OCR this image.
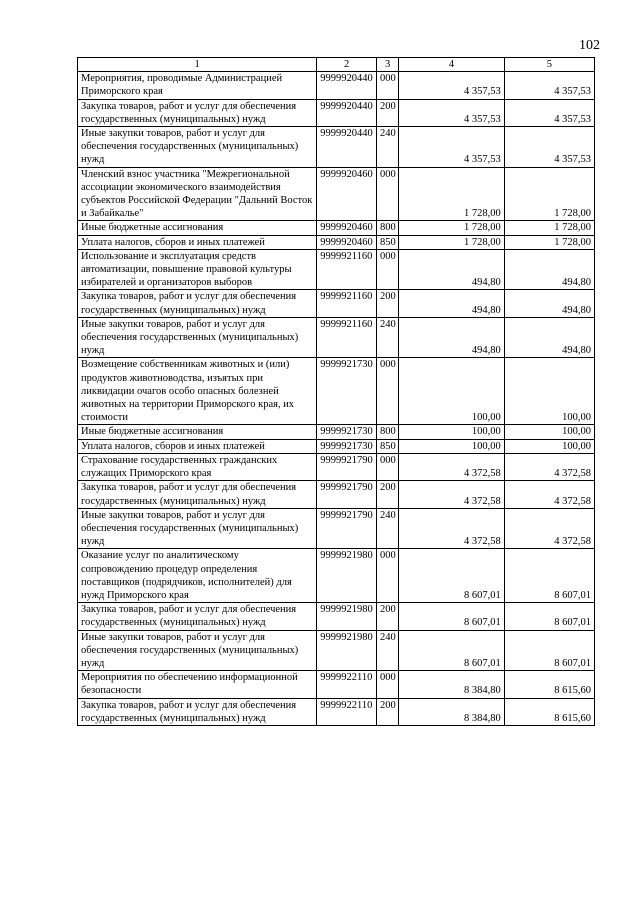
102
1	2	3	4	5
Мероприятия, проводимые Администрацией Приморского края	9999920440	000	4 357,53	4 357,53
Закупка товаров, работ и услуг для обеспечения государственных (муниципальных) нужд	9999920440	200	4 357,53	4 357,53
Иные закупки товаров, работ и услуг для обеспечения государственных (муниципальных) нужд	9999920440	240	4 357,53	4 357,53
Членский взнос участника "Межрегиональной ассоциации экономического взаимодействия субъектов Российской Федерации "Дальний Восток и Забайкалье"	9999920460	000	1 728,00	1 728,00
Иные бюджетные ассигнования	9999920460	800	1 728,00	1 728,00
Уплата налогов, сборов и иных платежей	9999920460	850	1 728,00	1 728,00
Использование и эксплуатация средств автоматизации, повышение правовой культуры избирателей и организаторов выборов	9999921160	000	494,80	494,80
Закупка товаров, работ и услуг для обеспечения государственных (муниципальных) нужд	9999921160	200	494,80	494,80
Иные закупки товаров, работ и услуг для обеспечения государственных (муниципальных) нужд	9999921160	240	494,80	494,80
Возмещение собственникам животных и (или) продуктов животноводства, изъятых при ликвидации очагов особо опасных болезней животных на территории Приморского края, их стоимости	9999921730	000	100,00	100,00
Иные бюджетные ассигнования	9999921730	800	100,00	100,00
Уплата налогов, сборов и иных платежей	9999921730	850	100,00	100,00
Страхование государственных гражданских служащих Приморского края	9999921790	000	4 372,58	4 372,58
Закупка товаров, работ и услуг для обеспечения государственных (муниципальных) нужд	9999921790	200	4 372,58	4 372,58
Иные закупки товаров, работ и услуг для обеспечения государственных (муниципальных) нужд	9999921790	240	4 372,58	4 372,58
Оказание услуг по аналитическому сопровождению процедур определения поставщиков (подрядчиков, исполнителей) для нужд Приморского края	9999921980	000	8 607,01	8 607,01
Закупка товаров, работ и услуг для обеспечения государственных (муниципальных) нужд	9999921980	200	8 607,01	8 607,01
Иные закупки товаров, работ и услуг для обеспечения государственных (муниципальных) нужд	9999921980	240	8 607,01	8 607,01
Мероприятия по обеспечению информационной безопасности	9999922110	000	8 384,80	8 615,60
Закупка товаров, работ и услуг для обеспечения государственных (муниципальных) нужд	9999922110	200	8 384,80	8 615,60
